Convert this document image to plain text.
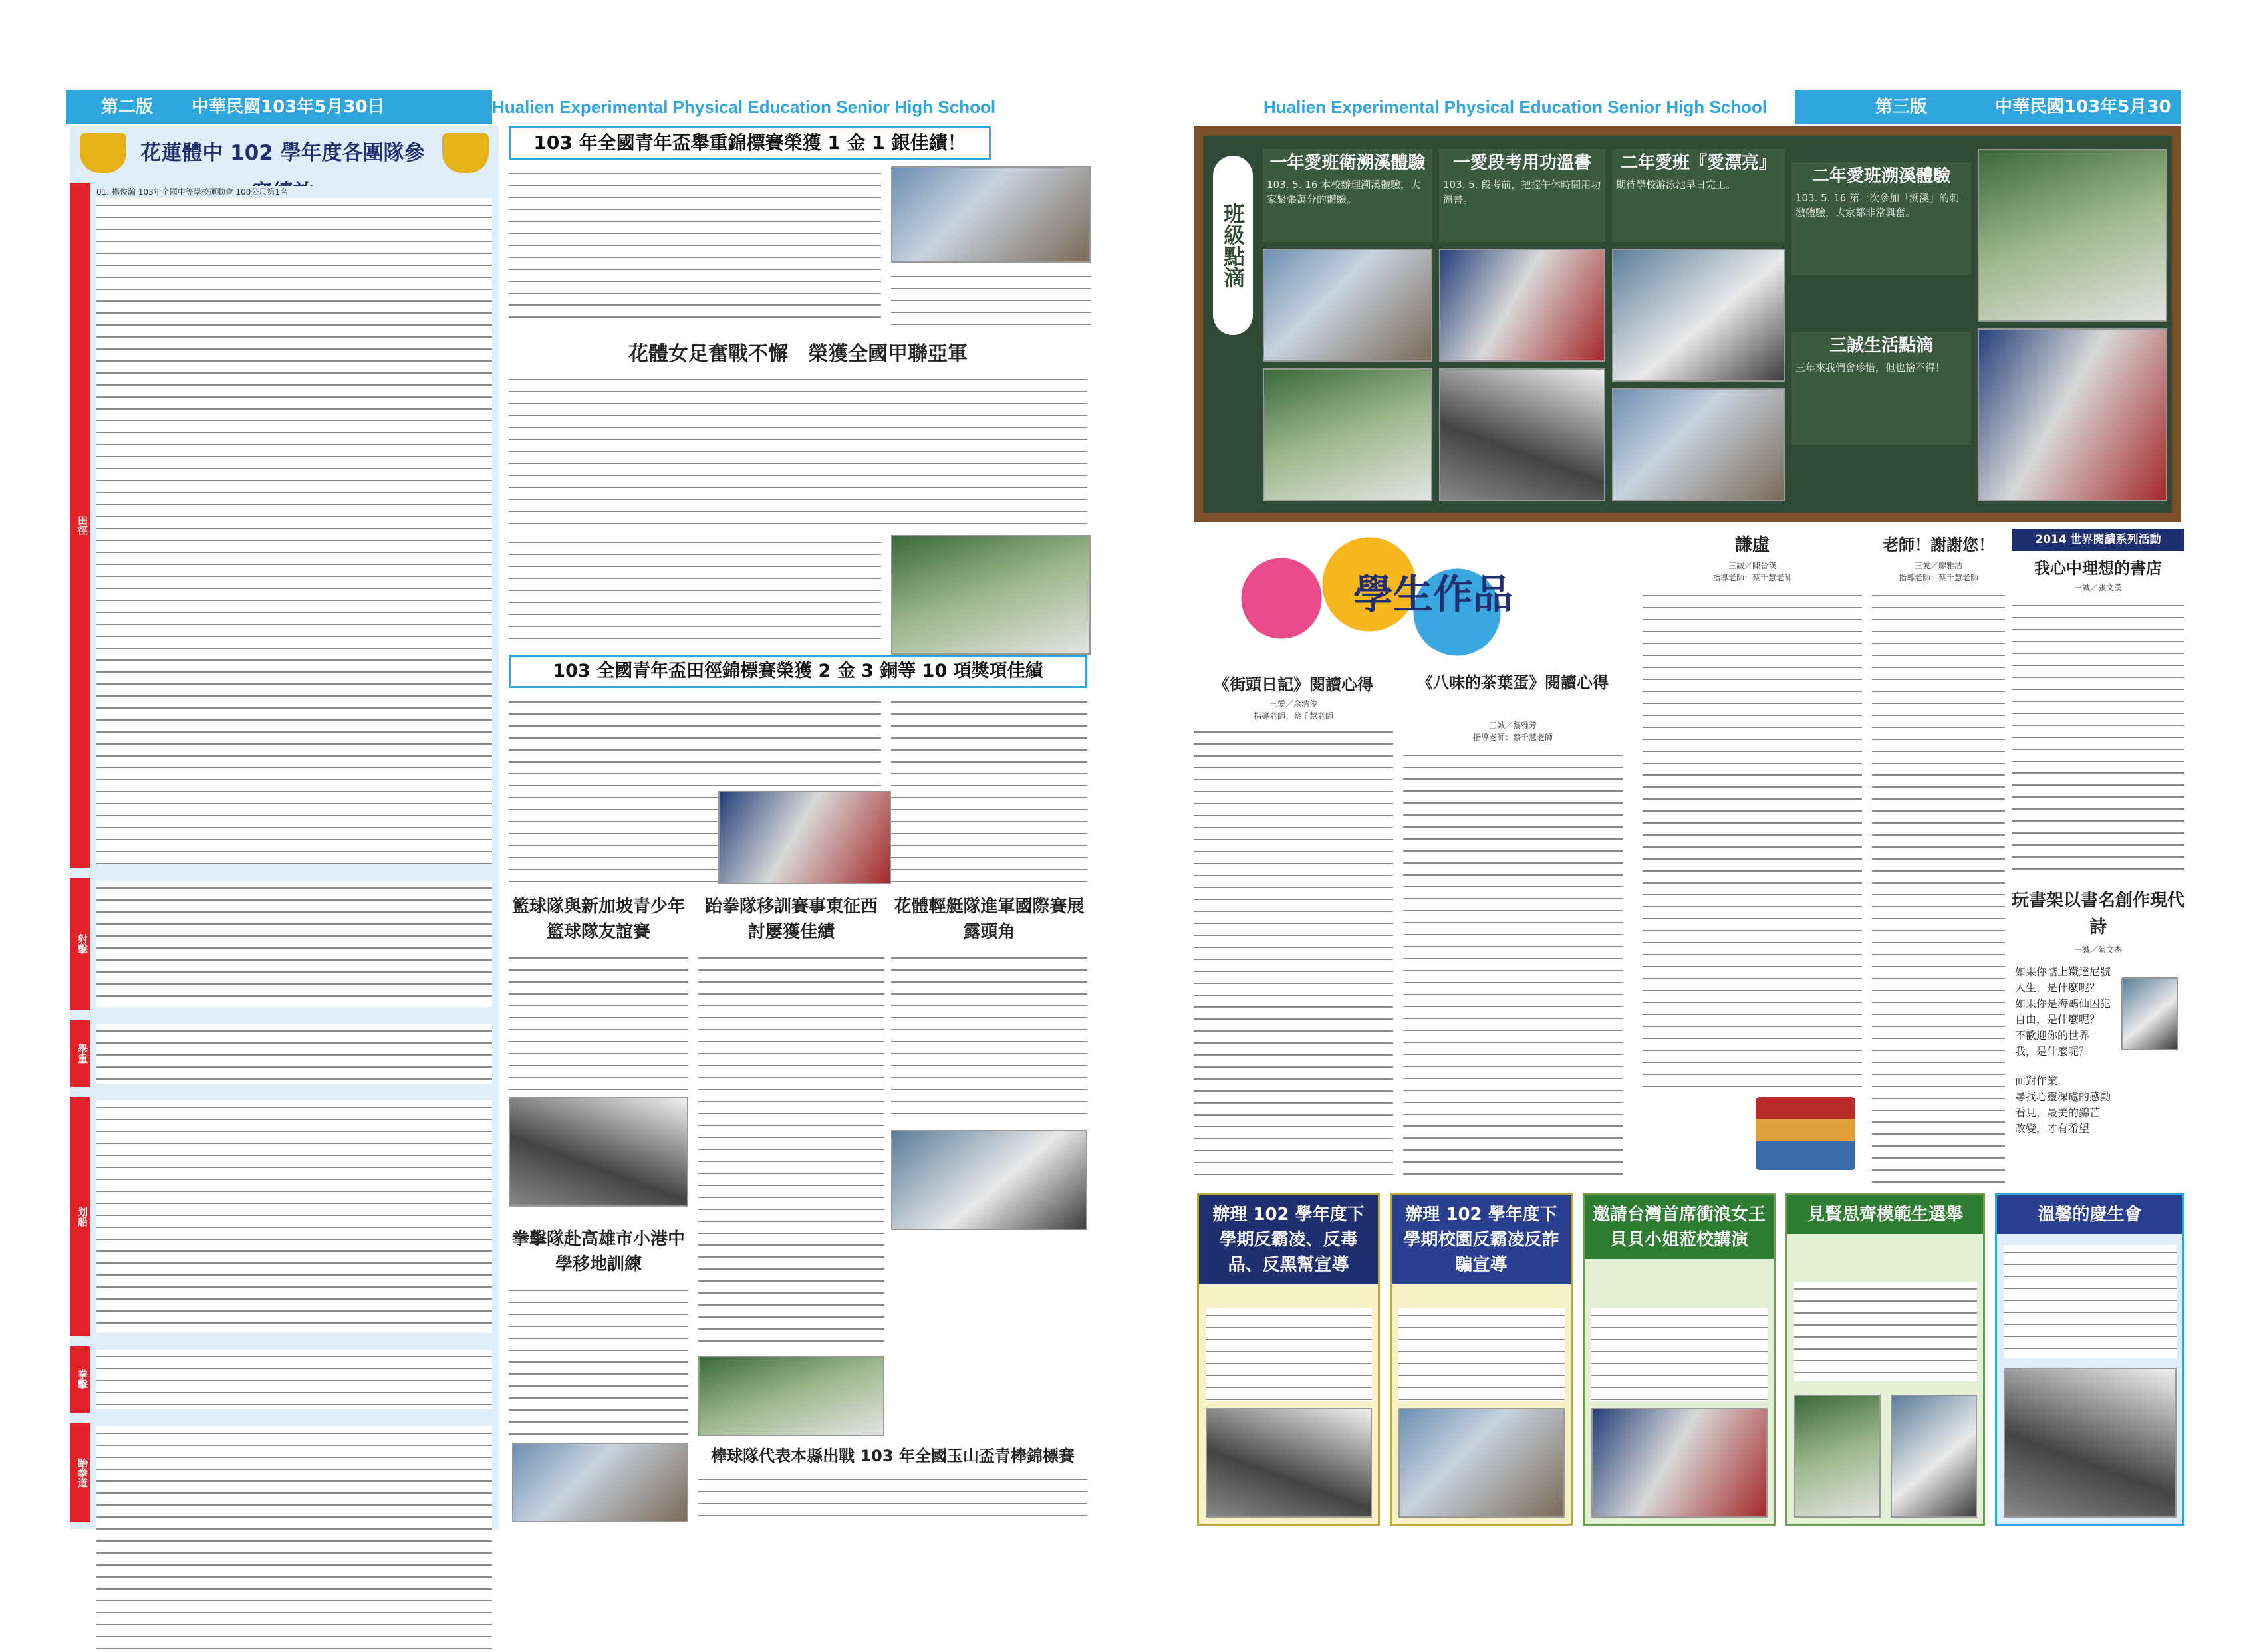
第二版 中華民國103年5月30日	Hualien Experimental Physical Education Senior High School	Hualien Experimental Physical Education Senior High School	第三版	中華民國103年5月30
花蓮體中 102 學年度各團隊參
田徑
01. 楊俊瀚 103年全國中等學校運動會 100公尺第1名
射擊
舉重
划船
拳擊
跆拳道
103 年全國青年盃舉重錦標賽榮獲 1 金 1 銀佳績！
花體女足奮戰不懈　榮獲全國甲聯亞軍
103 全國青年盃田徑錦標賽榮獲 2 金 3 銅等 10 項獎項佳績
籃球隊與新加坡青少年籃球隊友誼賽
跆拳隊移訓賽事東征西討屢獲佳績
花體輕艇隊進軍國際賽展露頭角
拳擊隊赴高雄市小港中學移地訓練
棒球隊代表本縣出戰 103 年全國玉山盃青棒錦標賽
班級點滴
一年愛班衛溯溪體驗
103. 5. 16 本校辦理溯溪體驗，大家緊張萬分的體驗。
一愛段考用功溫書
103. 5. 段考前，把握午休時間用功溫書。
二年愛班『愛漂亮』
期待學校游泳池早日完工。	二年愛班溯溪體驗
103. 5. 16 第一次參加「溯溪」的刺激體驗，大家都非常興奮。
三誠生活點滴
三年來我們會珍惜，但也捨不得！
學生作品
《街頭日記》閱讀心得
三愛／余浩俊
指導老師：蔡千慧老師
《八味的茶葉蛋》閱讀心得
三誠／黎雅芳
指導老師：蔡千慧老師
謙虛
三誠／陳晉瑛
指導老師：蔡千慧老師
老師！謝謝您！
三愛／廖雅浩
指導老師：蔡千慧老師
2014 世界閱讀系列活動
我心中理想的書店
一誠／張文漢
玩書架以書名創作現代詩
一誠／陳文杰
如果你惦上鐵達尼號
人生，是什麼呢？
如果你是海鷗仙囚犯
自由，是什麼呢？
不歡迎你的世界
我，是什麼呢？
面對作業
尋找心靈深處的感動
看見，最美的錦芒
改變，才有希望
辦理 102 學年度下學期反霸凌、反毒品、反黑幫宣導
辦理 102 學年度下學期校園反霸凌反詐騙宣導
邀請台灣首席衝浪女王貝貝小姐蒞校講演
見賢思齊模範生選舉	溫馨的慶生會
